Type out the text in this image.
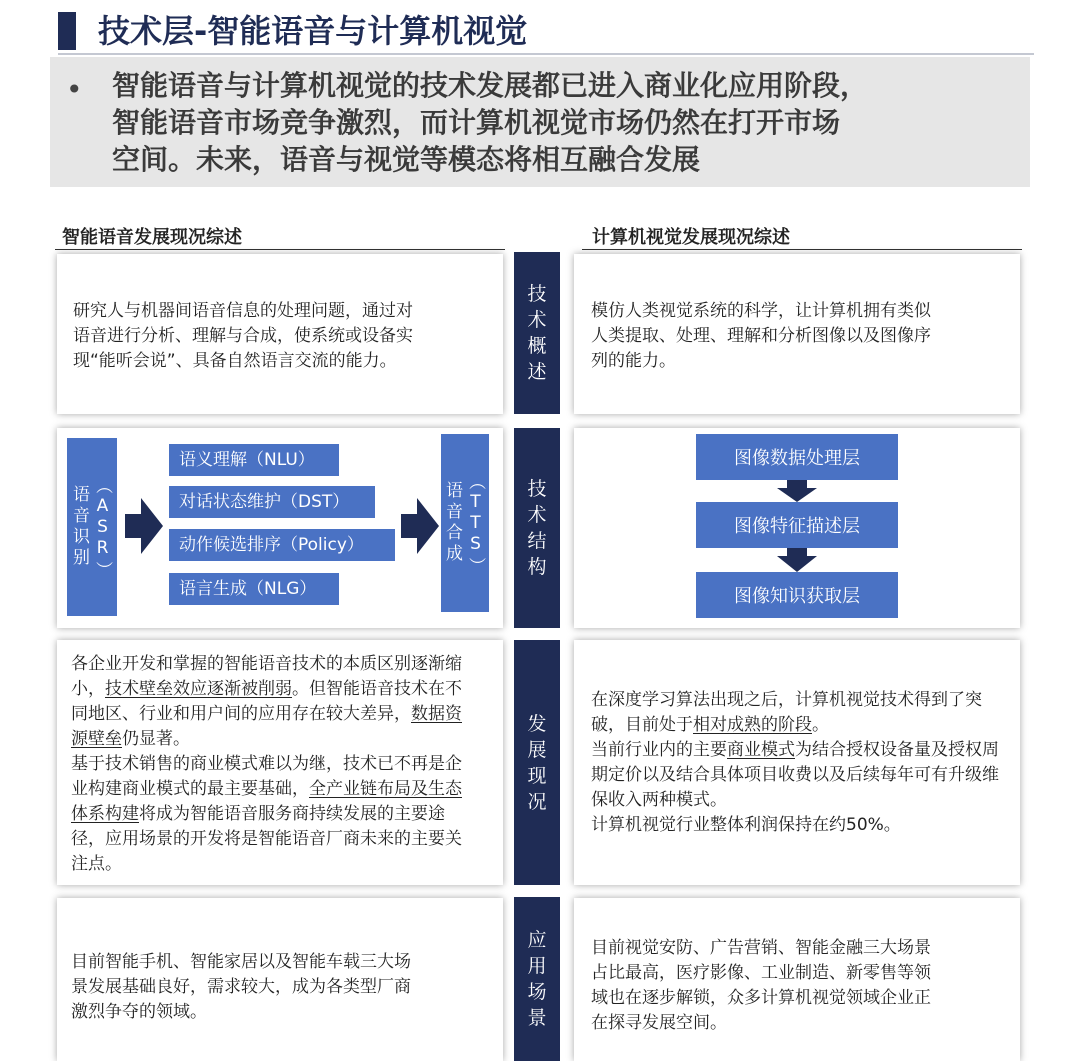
技术层-智能语音与计算机视觉
• 智能语音与计算机视觉的技术发展都已进入商业化应用阶段，
智能语音市场竞争激烈，而计算机视觉市场仍然在打开市场
空间。未来，语音与视觉等模态将相互融合发展
智能语音发展现况综述	计算机视觉发展现况综述
技
术
概
述
技
术
结
构
发
展
现
况
应
用
场
景
研究人与机器间语音信息的处理问题，通过对
语音进行分析、理解与合成，使系统或设备实
现“能听会说”、具备自然语言交流的能力。
模仿人类视觉系统的科学，让计算机拥有类似
人类提取、处理、理解和分析图像以及图像序
列的能力。
语
音
识
别
（
A
S
R
）
语义理解（NLU）
对话状态维护（DST）
动作候选排序（Policy）
语言生成（NLG）
语
音
合
成
（
T
T
S
）
图像数据处理层
图像特征描述层
图像知识获取层

各企业开发和掌握的智能语音技术的本质区别逐渐缩小，技术壁垒效应逐渐被削弱。但智能语音技术在不同地区、行业和用户间的应用存在较大差异，数据资源壁垒仍显著。

基于技术销售的商业模式难以为继，技术已不再是企业构建商业模式的最主要基础，全产业链布局及生态体系构建将成为智能语音服务商持续发展的主要途径，应用场景的开发将是智能语音厂商未来的主要关注点。

在深度学习算法出现之后，计算机视觉技术得到了突破，目前处于相对成熟的阶段。

当前行业内的主要商业模式为结合授权设备量及授权周期定价以及结合具体项目收费以及后续每年可有升级维保收入两种模式。

计算机视觉行业整体利润保持在约50%。

目前智能手机、智能家居以及智能车载三大场
景发展基础良好，需求较大，成为各类型厂商
激烈争夺的领域。
目前视觉安防、广告营销、智能金融三大场景
占比最高，医疗影像、工业制造、新零售等领
域也在逐步解锁，众多计算机视觉领域企业正
在探寻发展空间。
